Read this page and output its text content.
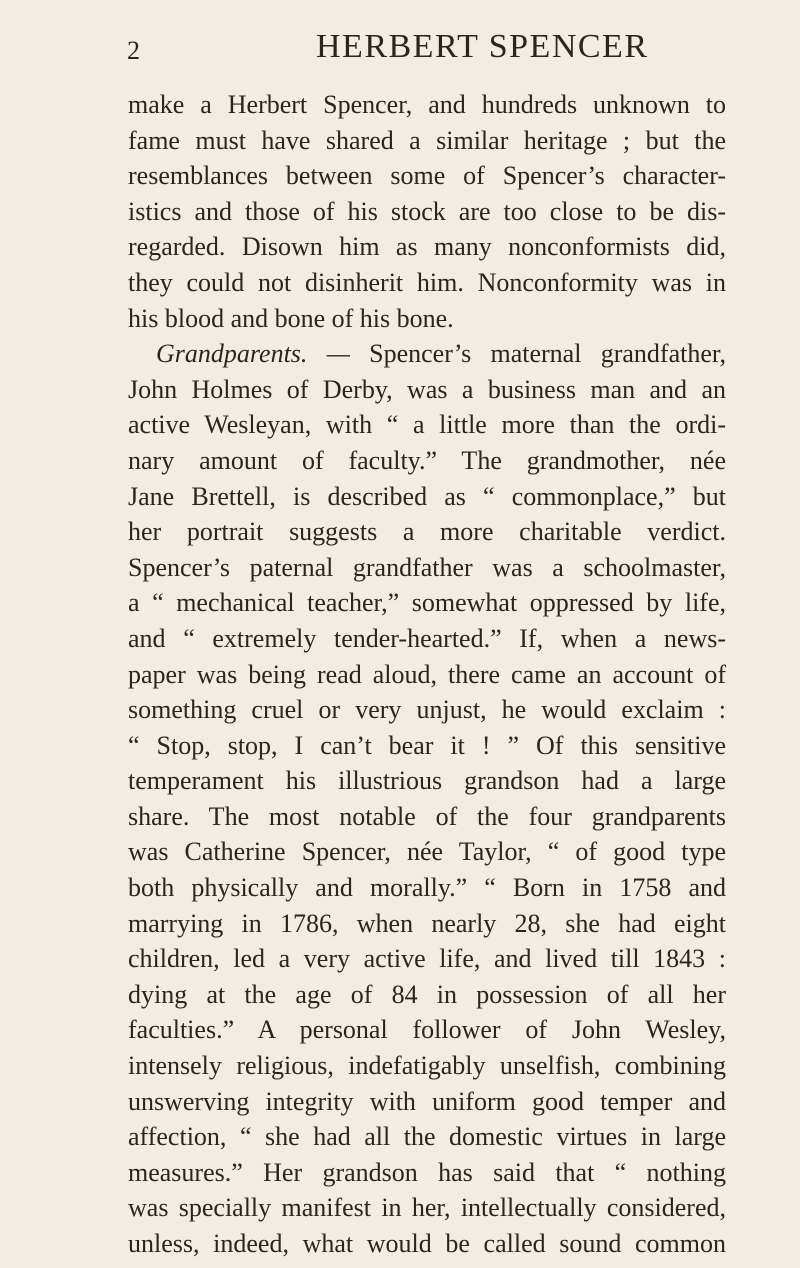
2	HERBERT SPENCER
make a Herbert Spencer, and hundreds unknown to
fame must have shared a similar heritage ; but the
resemblances between some of Spencer’s character-
istics and those of his stock are too close to be dis-
regarded. Disown him as many nonconformists did,
they could not disinherit him. Nonconformity was in
his blood and bone of his bone.
Grandparents. — Spencer’s maternal grandfather,
John Holmes of Derby, was a business man and an
active Wesleyan, with “ a little more than the ordi-
nary amount of faculty.” The grandmother, née
Jane Brettell, is described as “ commonplace,” but
her portrait suggests a more charitable verdict.
Spencer’s paternal grandfather was a schoolmaster,
a “ mechanical teacher,” somewhat oppressed by life,
and “ extremely tender-hearted.” If, when a news-
paper was being read aloud, there came an account of
something cruel or very unjust, he would exclaim :
“ Stop, stop, I can’t bear it ! ” Of this sensitive
temperament his illustrious grandson had a large
share. The most notable of the four grandparents
was Catherine Spencer, née Taylor, “ of good type
both physically and morally.” “ Born in 1758 and
marrying in 1786, when nearly 28, she had eight
children, led a very active life, and lived till 1843 :
dying at the age of 84 in possession of all her
faculties.” A personal follower of John Wesley,
intensely religious, indefatigably unselfish, combining
unswerving integrity with uniform good temper and
affection, “ she had all the domestic virtues in large
measures.” Her grandson has said that “ nothing
was specially manifest in her, intellectually considered,
unless, indeed, what would be called sound common
